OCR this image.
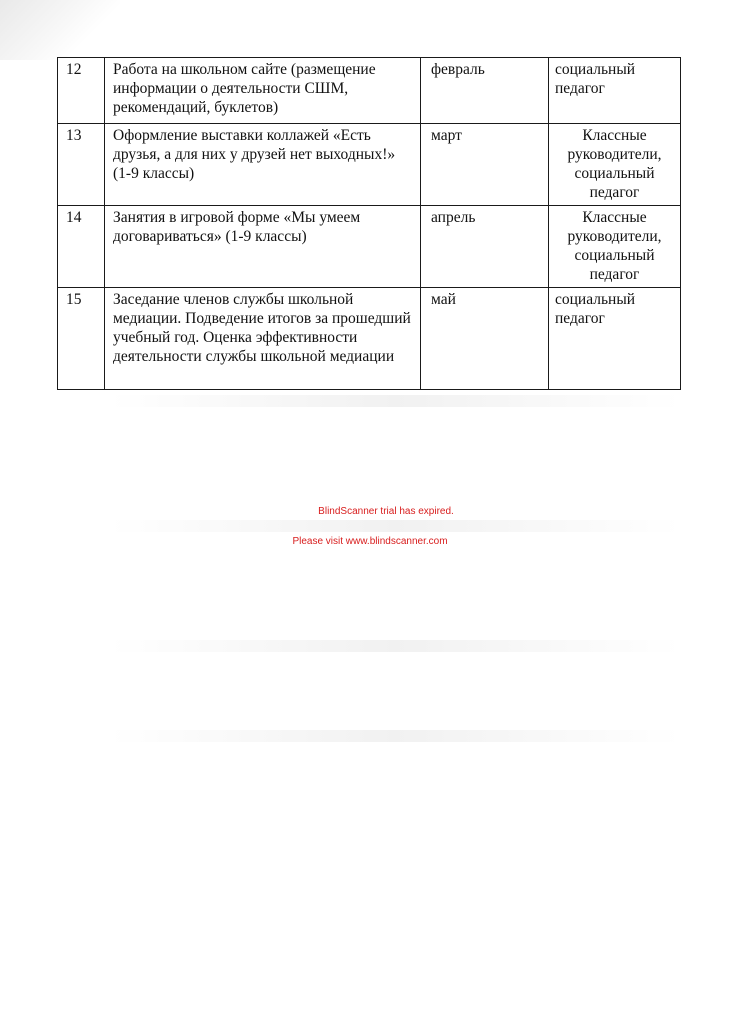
12	Работа на школьном сайте (размещение информации о деятельности СШМ, рекомендаций, буклетов)	февраль	социальный педагог
13	Оформление выставки коллажей «Есть друзья, а для них у друзей нет выходных!» (1-9 классы)	март	Классные руководители, социальный педагог
14	Занятия в игровой форме «Мы умеем договариваться» (1-9 классы)	апрель	Классные руководители, социальный педагог
15	Заседание членов службы школьной медиации. Подведение итогов за прошедший учебный год. Оценка эффективности деятельности службы школьной медиации	май	социальный педагог
BlindScanner trial has expired.
Please visit www.blindscanner.com
